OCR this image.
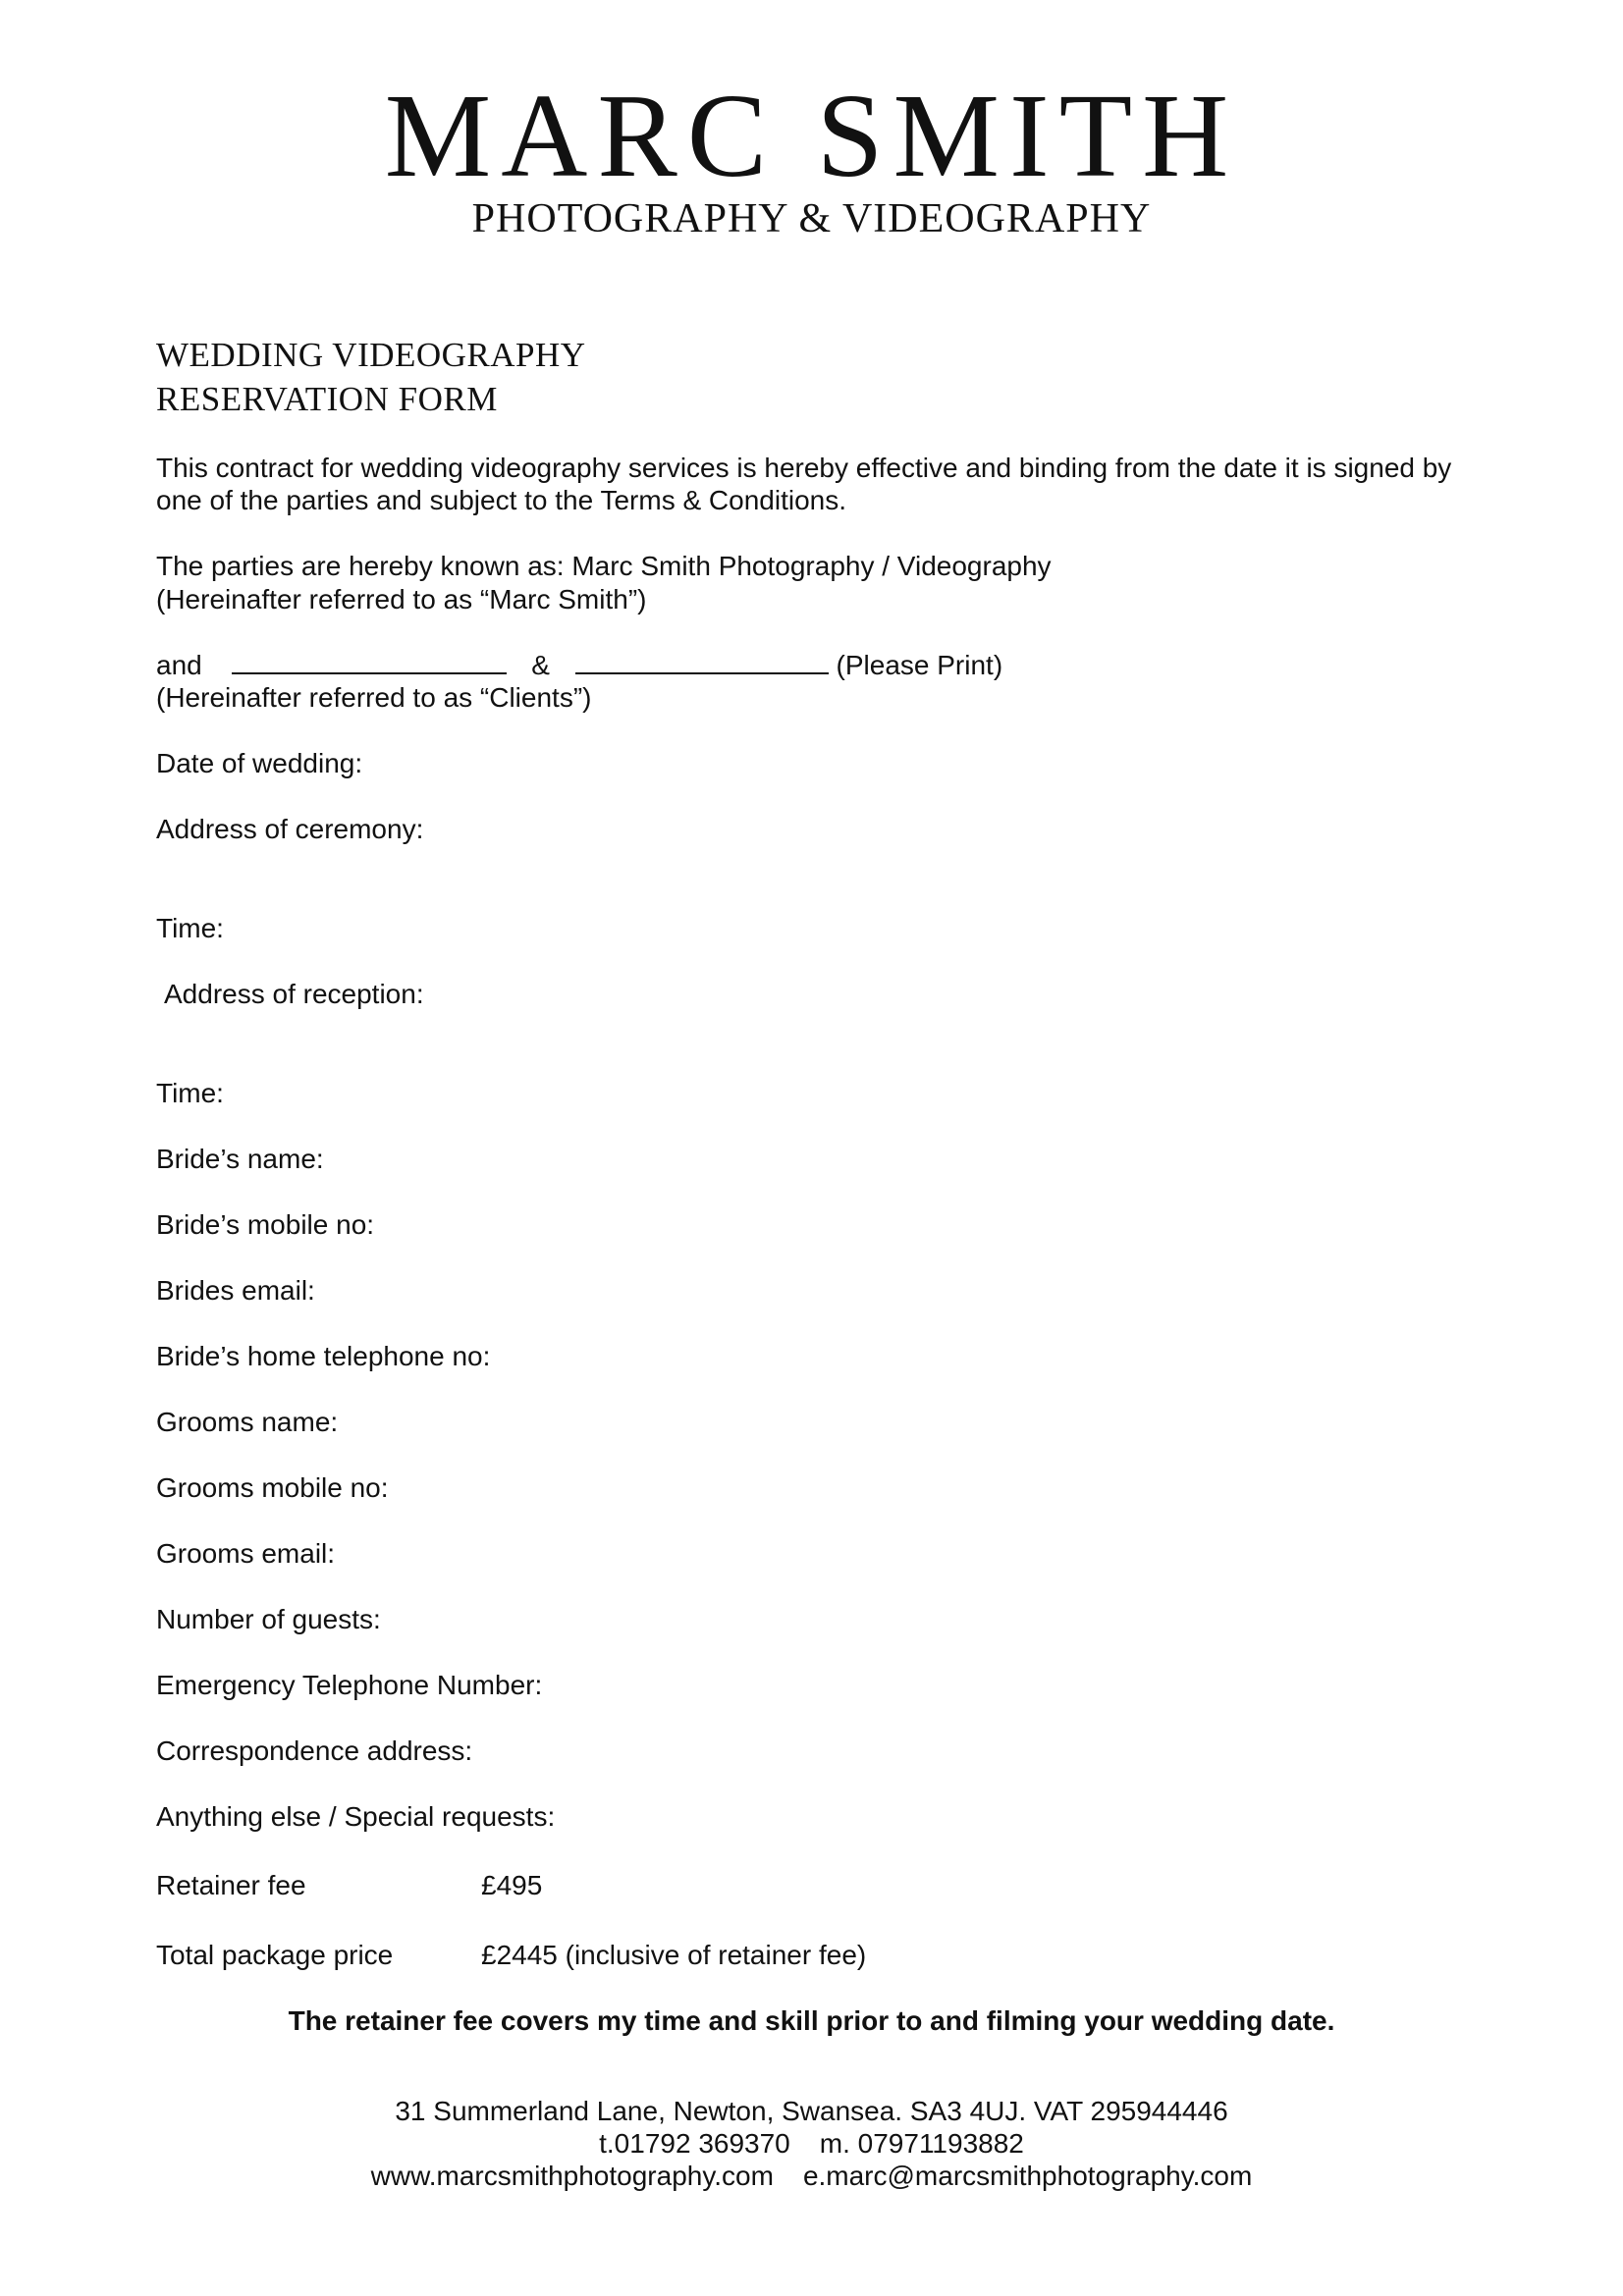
MARC SMITH
PHOTOGRAPHY & VIDEOGRAPHY
WEDDING VIDEOGRAPHY
RESERVATION FORM
This contract for wedding videography services is hereby effective and binding from the date it is signed by
one of the parties and subject to the Terms & Conditions.
The parties are hereby known as: Marc Smith Photography / Videography
(Hereinafter referred to as “Marc Smith”)
and	&	(Please Print)
(Hereinafter referred to as “Clients”)
Date of wedding:
Address of ceremony:
Time:
Address of reception:
Time:
Bride’s name:
Bride’s mobile no:
Brides email:
Bride’s home telephone no:
Grooms name:
Grooms mobile no:
Grooms email:
Number of guests:
Emergency Telephone Number:
Correspondence address:
Anything else / Special requests:
Retainer fee	£495
Total package price	£2445 (inclusive of retainer fee)
The retainer fee covers my time and skill prior to and filming your wedding date.
31 Summerland Lane, Newton, Swansea. SA3 4UJ. VAT 295944446
t.01792 369370 m. 07971193882
www.marcsmithphotography.com e.marc@marcsmithphotography.com
